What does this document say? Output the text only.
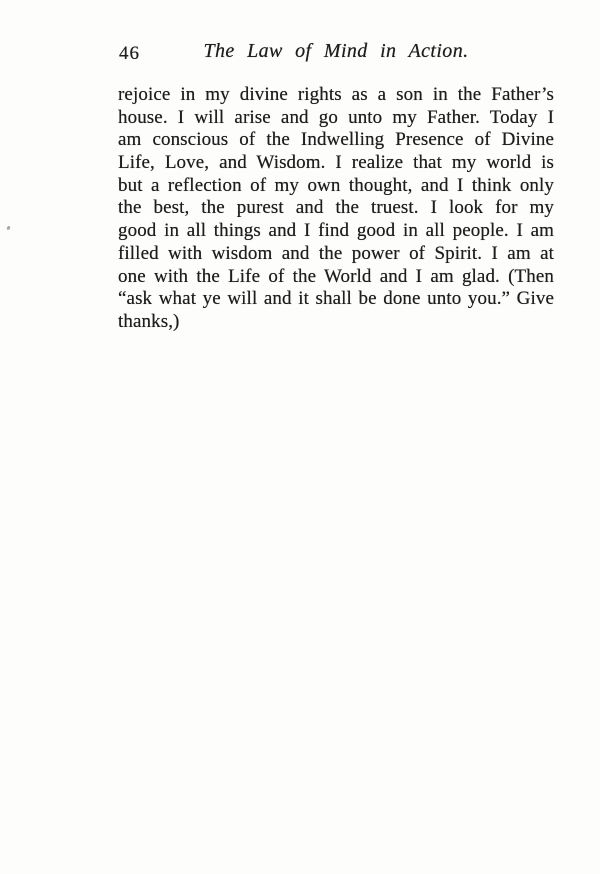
46	The Law of Mind in Action.
rejoice in my divine rights as a son in the Father’s
house. I will arise and go unto my Father. Today I
am conscious of the Indwelling Presence of Divine
Life, Love, and Wisdom. I realize that my world is
but a reflection of my own thought, and I think only
the best, the purest and the truest. I look for my
good in all things and I find good in all people. I am
filled with wisdom and the power of Spirit. I am at
one with the Life of the World and I am glad. (Then
“ask what ye will and it shall be done unto you.” Give
thanks,)
